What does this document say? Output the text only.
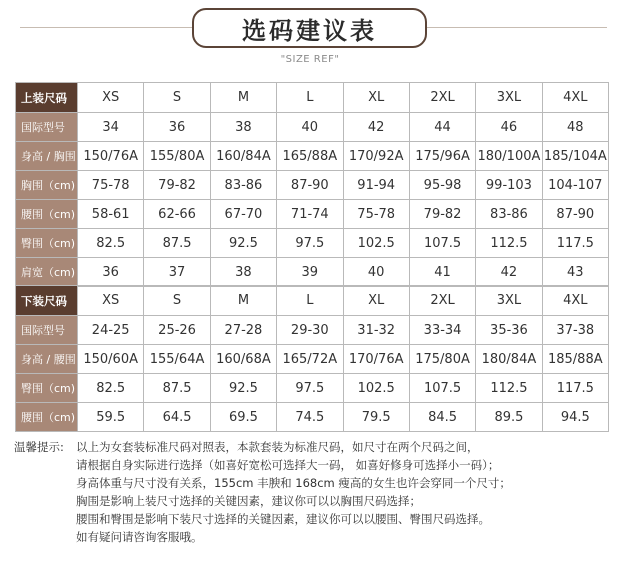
选码建议表
"SIZE REF"
上装尺码	XS	S	M	L	XL	2XL	3XL	4XL
国际型号	34	36	38	40	42	44	46	48
身高 / 胸围	150/76A	155/80A	160/84A	165/88A	170/92A	175/96A	180/100A	185/104A
胸围（cm)	75-78	79-82	83-86	87-90	91-94	95-98	99-103	104-107
腰围（cm)	58-61	62-66	67-70	71-74	75-78	79-82	83-86	87-90
臀围（cm)	82.5	87.5	92.5	97.5	102.5	107.5	112.5	117.5
肩宽（cm)	36	37	38	39	40	41	42	43
下装尺码	XS	S	M	L	XL	2XL	3XL	4XL
国际型号	24-25	25-26	27-28	29-30	31-32	33-34	35-36	37-38
身高 / 腰围	150/60A	155/64A	160/68A	165/72A	170/76A	175/80A	180/84A	185/88A
臀围（cm)	82.5	87.5	92.5	97.5	102.5	107.5	112.5	117.5
腰围（cm)	59.5	64.5	69.5	74.5	79.5	84.5	89.5	94.5
温馨提示:	以上为女套装标准尺码对照表，本款套装为标准尺码，如尺寸在两个尺码之间，
请根据自身实际进行选择（如喜好宽松可选择大一码， 如喜好修身可选择小一码）；
身高体重与尺寸没有关系，155cm 丰腴和 168cm 瘦高的女生也许会穿同一个尺寸；
胸围是影响上装尺寸选择的关键因素，建议你可以以胸围尺码选择；
腰围和臀围是影响下装尺寸选择的关键因素，建议你可以以腰围、臀围尺码选择。
如有疑问请咨询客服哦。
